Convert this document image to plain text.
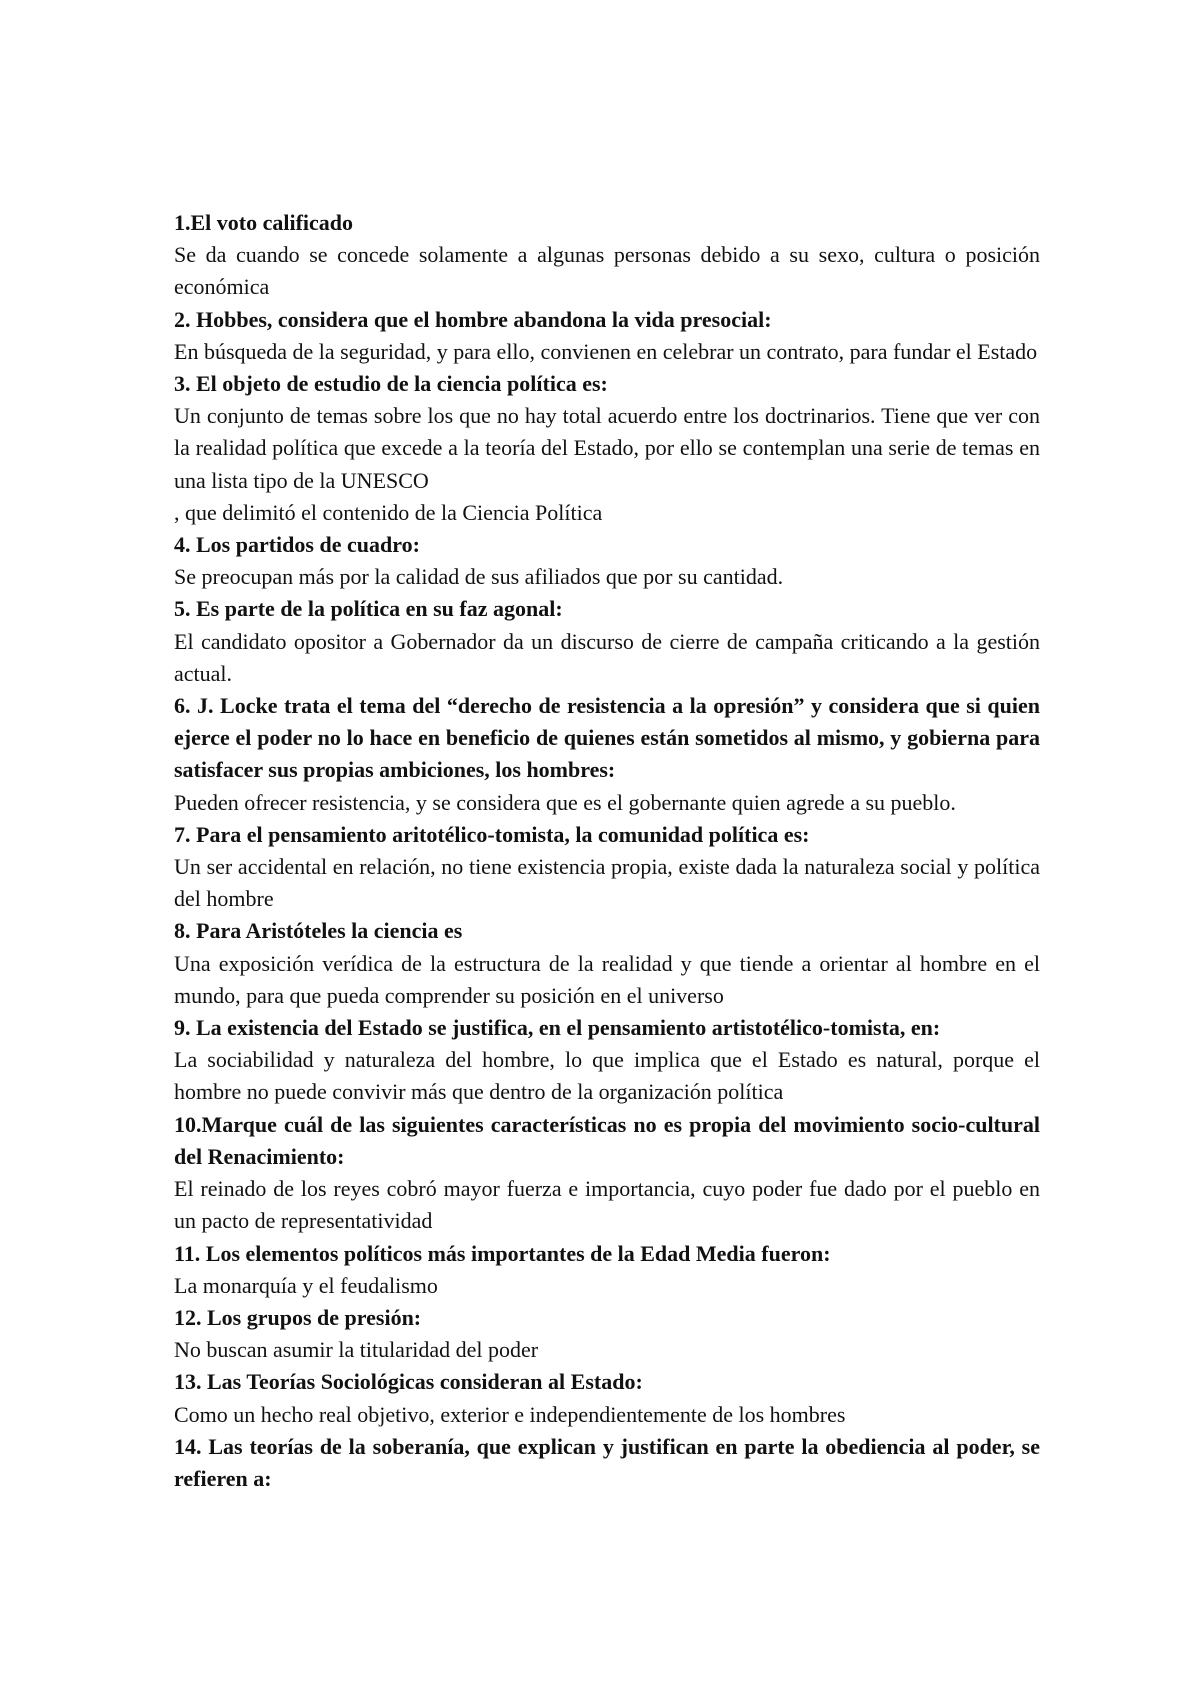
1.El voto calificado

Se da cuando se concede solamente a algunas personas debido a su sexo, cultura o posición económica

2. Hobbes, considera que el hombre abandona la vida presocial:

En búsqueda de la seguridad, y para ello, convienen en celebrar un contrato, para fundar el Estado

3. El objeto de estudio de la ciencia política es:

Un conjunto de temas sobre los que no hay total acuerdo entre los doctrinarios. Tiene que ver con la realidad política que excede a la teoría del Estado, por ello se contemplan una serie de temas en una lista tipo de la UNESCO

, que delimitó el contenido de la Ciencia Política

4. Los partidos de cuadro:

Se preocupan más por la calidad de sus afiliados que por su cantidad.

5. Es parte de la política en su faz agonal:

El candidato opositor a Gobernador da un discurso de cierre de campaña criticando a la gestión actual.

6. J. Locke trata el tema del “derecho de resistencia a la opresión” y considera que si quien ejerce el poder no lo hace en beneficio de quienes están sometidos al mismo, y gobierna para satisfacer sus propias ambiciones, los hombres:

Pueden ofrecer resistencia, y se considera que es el gobernante quien agrede a su pueblo.

7. Para el pensamiento aritotélico-tomista, la comunidad política es:

Un ser accidental en relación, no tiene existencia propia, existe dada la naturaleza social y política del hombre

8. Para Aristóteles la ciencia es

Una exposición verídica de la estructura de la realidad y que tiende a orientar al hombre en el mundo, para que pueda comprender su posición en el universo

9. La existencia del Estado se justifica, en el pensamiento artistotélico-tomista, en:

La sociabilidad y naturaleza del hombre, lo que implica que el Estado es natural, porque el hombre no puede convivir más que dentro de la organización política

10.Marque cuál de las siguientes características no es propia del movimiento socio-cultural del Renacimiento:

El reinado de los reyes cobró mayor fuerza e importancia, cuyo poder fue dado por el pueblo en un pacto de representatividad

11. Los elementos políticos más importantes de la Edad Media fueron:

La monarquía y el feudalismo

12. Los grupos de presión:

No buscan asumir la titularidad del poder

13. Las Teorías Sociológicas consideran al Estado:

Como un hecho real objetivo, exterior e independientemente de los hombres

14. Las teorías de la soberanía, que explican y justifican en parte la obediencia al poder, se refieren a:
